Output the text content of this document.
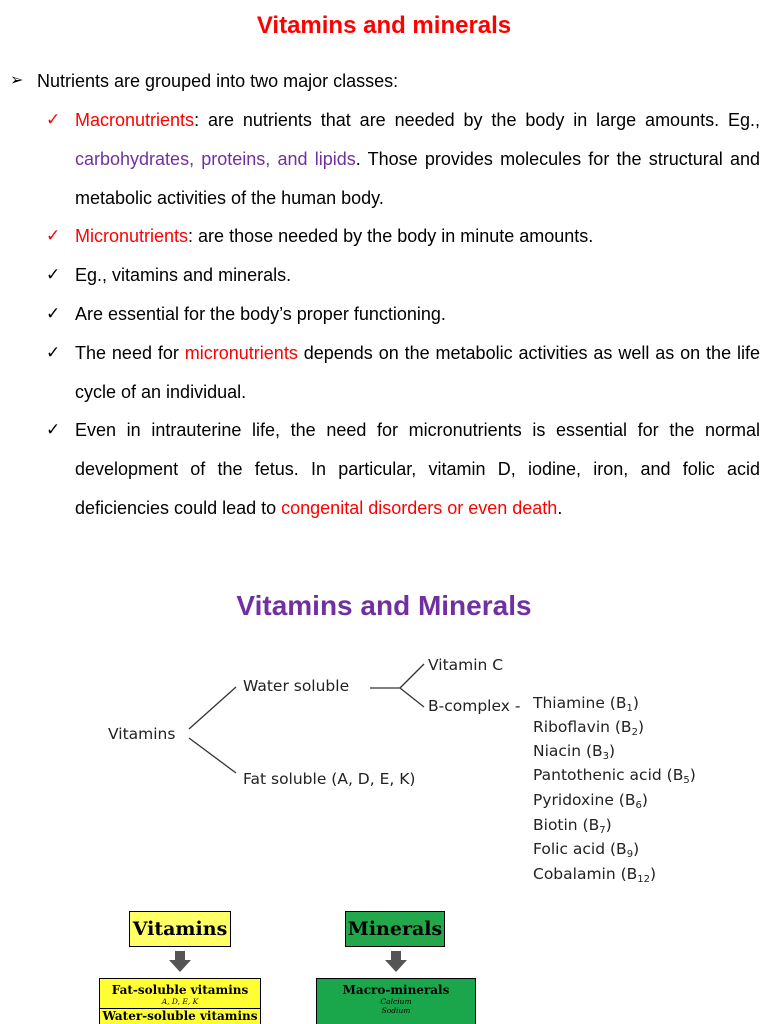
Vitamins and minerals
➢ Nutrients are grouped into two major classes:
✓ Macronutrients: are nutrients that are needed by the body in large amounts. Eg., carbohydrates, proteins, and lipids. Those provides molecules for the structural and metabolic activities of the human body.
✓ Micronutrients: are those needed by the body in minute amounts.
✓ Eg., vitamins and minerals.
✓ Are essential for the body’s proper functioning.
✓ The need for micronutrients depends on the metabolic activities as well as on the life cycle of an individual.
✓ Even in intrauterine life, the need for micronutrients is essential for the normal development of the fetus. In particular, vitamin D, iodine, iron, and folic acid deficiencies could lead to congenital disorders or even death.
Vitamins and Minerals
Vitamins
Water soluble
Fat soluble (A, D, E, K)
Vitamin C
B-complex - Thiamine $(B_1)$
Riboflavin $(B_2)$
Niacin $(B_3)$
Pantothenic acid $(B_5)$
Pyridoxine $(B_6)$
Biotin $(B_7)$
Folic acid $(B_9)$
Cobalamin $(B_{12})$
Vitamins	Minerals
Fat-soluble vitamins
A, D, E, K
Water-soluble vitamins
Macro-minerals
Calcium
Sodium
